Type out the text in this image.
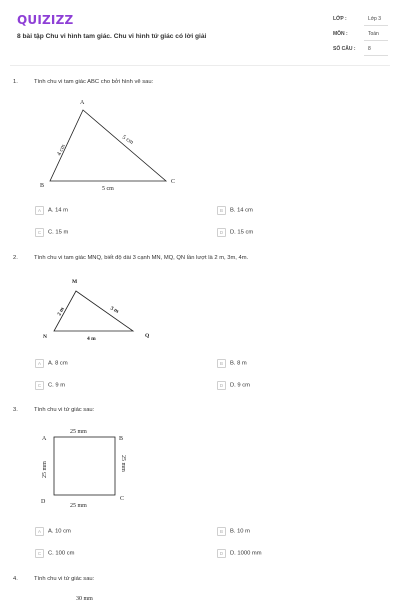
QUIZIZZ
8 bài tập Chu vi hình tam giác. Chu vi hình tứ giác có lời giải
LỚP :	Lớp 3
MÔN :	Toán
SỐ CÂU :	8
1.	Tính chu vi tam giác ABC cho bởi hình vẽ sau:
A
B
C
4 cm
5 cm
5 cm
A A. 14 m	B B. 14 cm
C C. 15 m	D D. 15 cm
2.	Tính chu vi tam giác MNQ, biết độ dài 3 cạnh MN, MQ, QN lần lượt là 2 m, 3m, 4m.
M
N	Q
2 m	3 m
4 m
A A. 8 cm	B B. 8 m
C C. 9 m	D D. 9 cm
3.	Tính chu vi tứ giác sau:
A	B
C
D
25 mm
25 mm
25 mm	25 mm
A A. 10 cm	B B. 10 m
C C. 100 cm	D D. 1000 mm
4.	Tính chu vi tứ giác sau:
30 mm
